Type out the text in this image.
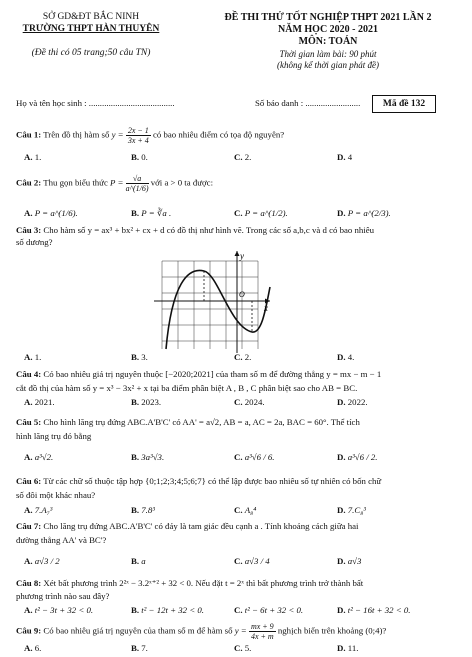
SỞ GD&ĐT BẮC NINH
TRƯỜNG THPT HÀN THUYÊN
(Đề thi có 05 trang;50 câu TN)
ĐỀ THI THỬ TỐT NGHIỆP THPT 2021 LẦN 2
NĂM HỌC 2020 - 2021
MÔN: TOÁN
Thời gian làm bài: 90 phút
(không kể thời gian phát đề)
Họ và tên học sinh : .......................................	Số báo danh : .........................	Mã đề 132
Câu 1: Trên đồ thị hàm số $y = \frac{2x - 1}{3x + 4}$ có bao nhiêu điểm có tọa độ nguyên?
A. 1.	B. 0.	C. 2.	D. 4
Câu 2: Thu gọn biểu thức $P = \frac{√a}{a\^{}(1/6)}$ với a > 0 ta được:
A. P = a^(1/6).	B. P = ∛a .	C. P = a^(1/2).	D. P = a^(2/3).
Câu 3: Cho hàm số y = ax³ + bx² + cx + d có đồ thị như hình vẽ. Trong các số a,b,c và d có bao nhiêu
số dương?
y
x
O
A. 1.	B. 3.	C. 2.	D. 4.
Câu 4: Có bao nhiêu giá trị nguyên thuộc [−2020;2021] của tham số m để đường thẳng y = mx − m − 1
cắt đồ thị của hàm số y = x³ − 3x² + x tại ba điểm phân biệt A , B , C phân biệt sao cho AB = BC.
A. 2021.	B. 2023.	C. 2024.	D. 2022.
Câu 5: Cho hình lăng trụ đứng ABC.A'B'C' có AA' = a√2, AB = a, AC = 2a, BAC = 60°. Thể tích
hình lăng trụ đó bằng
A. a³√2.	B. 3a³√3.	C. a³√6 / 6.	D. a³√6 / 2.
Câu 6: Từ các chữ số thuộc tập hợp {0;1;2;3;4;5;6;7} có thể lập được bao nhiêu số tự nhiên có bốn chữ
số đôi một khác nhau?
A. 7.A₇³	B. 7.8³	C. A₈⁴	D. 7.C₈³
Câu 7: Cho lăng trụ đứng ABC.A'B'C' có đáy là tam giác đều cạnh a . Tính khoảng cách giữa hai
đường thẳng AA' và BC'?
A. a√3 / 2	B. a	C. a√3 / 4	D. a√3
Câu 8: Xét bất phương trình 2²ˣ − 3.2ˣ⁺² + 32 < 0. Nếu đặt t = 2ˣ thì bất phương trình trở thành bất
phương trình nào sau đây?
A. t² − 3t + 32 < 0.	B. t² − 12t + 32 < 0.	C. t² − 6t + 32 < 0.	D. t² − 16t + 32 < 0.
Câu 9: Có bao nhiêu giá trị nguyên của tham số m để hàm số $y = \frac{mx + 9}{4x + m}$ nghịch biến trên khoảng (0;4)?
A. 6.	B. 7.	C. 5.	D. 11.
